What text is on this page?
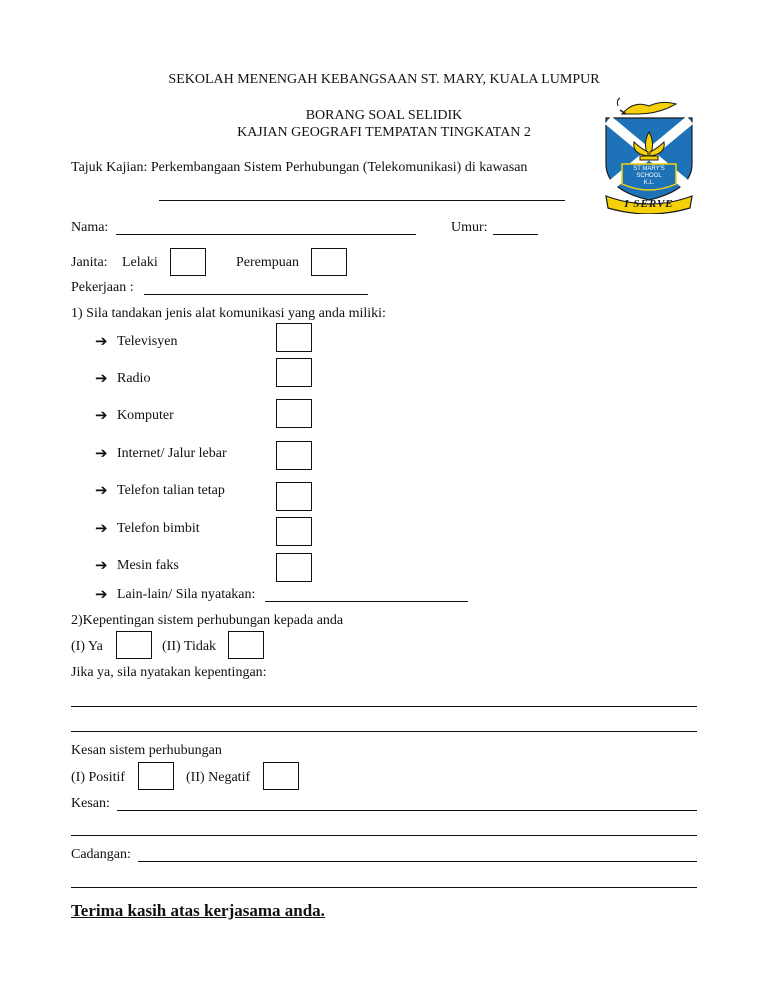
SEKOLAH MENENGAH KEBANGSAAN ST. MARY, KUALA LUMPUR
BORANG SOAL SELIDIK
KAJIAN GEOGRAFI TEMPATAN TINGKATAN 2
ST MARY'S
SCHOOL
K.L.
I SERVE
Tajuk Kajian: Perkembangaan Sistem Perhubungan (Telekomunikasi) di kawasan
Nama:	Umur:
Janita: Lelaki	Perempuan
Pekerjaan :
1) Sila tandakan jenis alat komunikasi yang anda miliki:
➔ Televisyen
➔ Radio
➔ Komputer
➔ Internet/ Jalur lebar
➔ Telefon talian tetap
➔ Telefon bimbit
➔ Mesin faks
➔ Lain-lain/ Sila nyatakan:
2)Kepentingan sistem perhubungan kepada anda
(I) Ya	(II) Tidak
Jika ya, sila nyatakan kepentingan:
Kesan sistem perhubungan
(I) Positif	(II) Negatif
Kesan:
Cadangan:
Terima kasih atas kerjasama anda.
